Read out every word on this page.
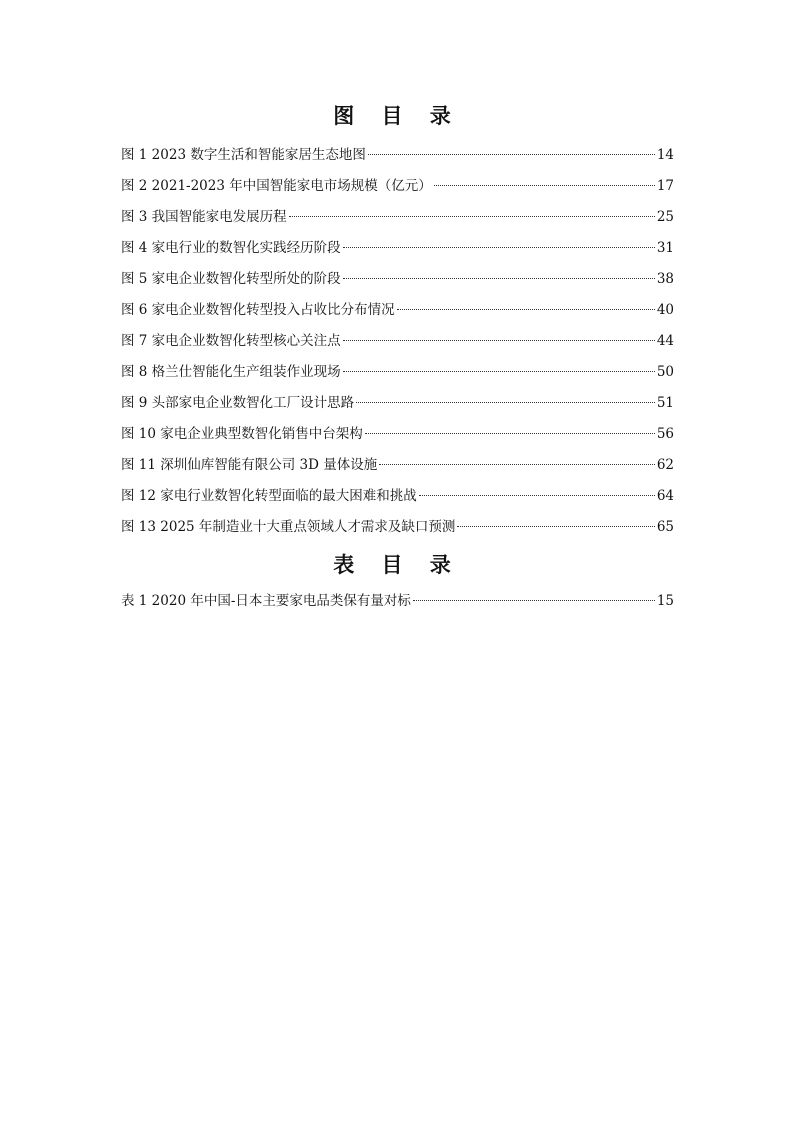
图 目 录
图 1 2023 数字生活和智能家居生态地图	14
图 2 2021-2023 年中国智能家电市场规模（亿元）	17
图 3 我国智能家电发展历程	25
图 4 家电行业的数智化实践经历阶段	31
图 5 家电企业数智化转型所处的阶段	38
图 6 家电企业数智化转型投入占收比分布情况	40
图 7 家电企业数智化转型核心关注点	44
图 8 格兰仕智能化生产组装作业现场	50
图 9 头部家电企业数智化工厂设计思路	51
图 10 家电企业典型数智化销售中台架构	56
图 11 深圳仙库智能有限公司 3D 量体设施	62
图 12 家电行业数智化转型面临的最大困难和挑战	64
图 13 2025 年制造业十大重点领域人才需求及缺口预测	65
表 目 录
表 1 2020 年中国-日本主要家电品类保有量对标	15
